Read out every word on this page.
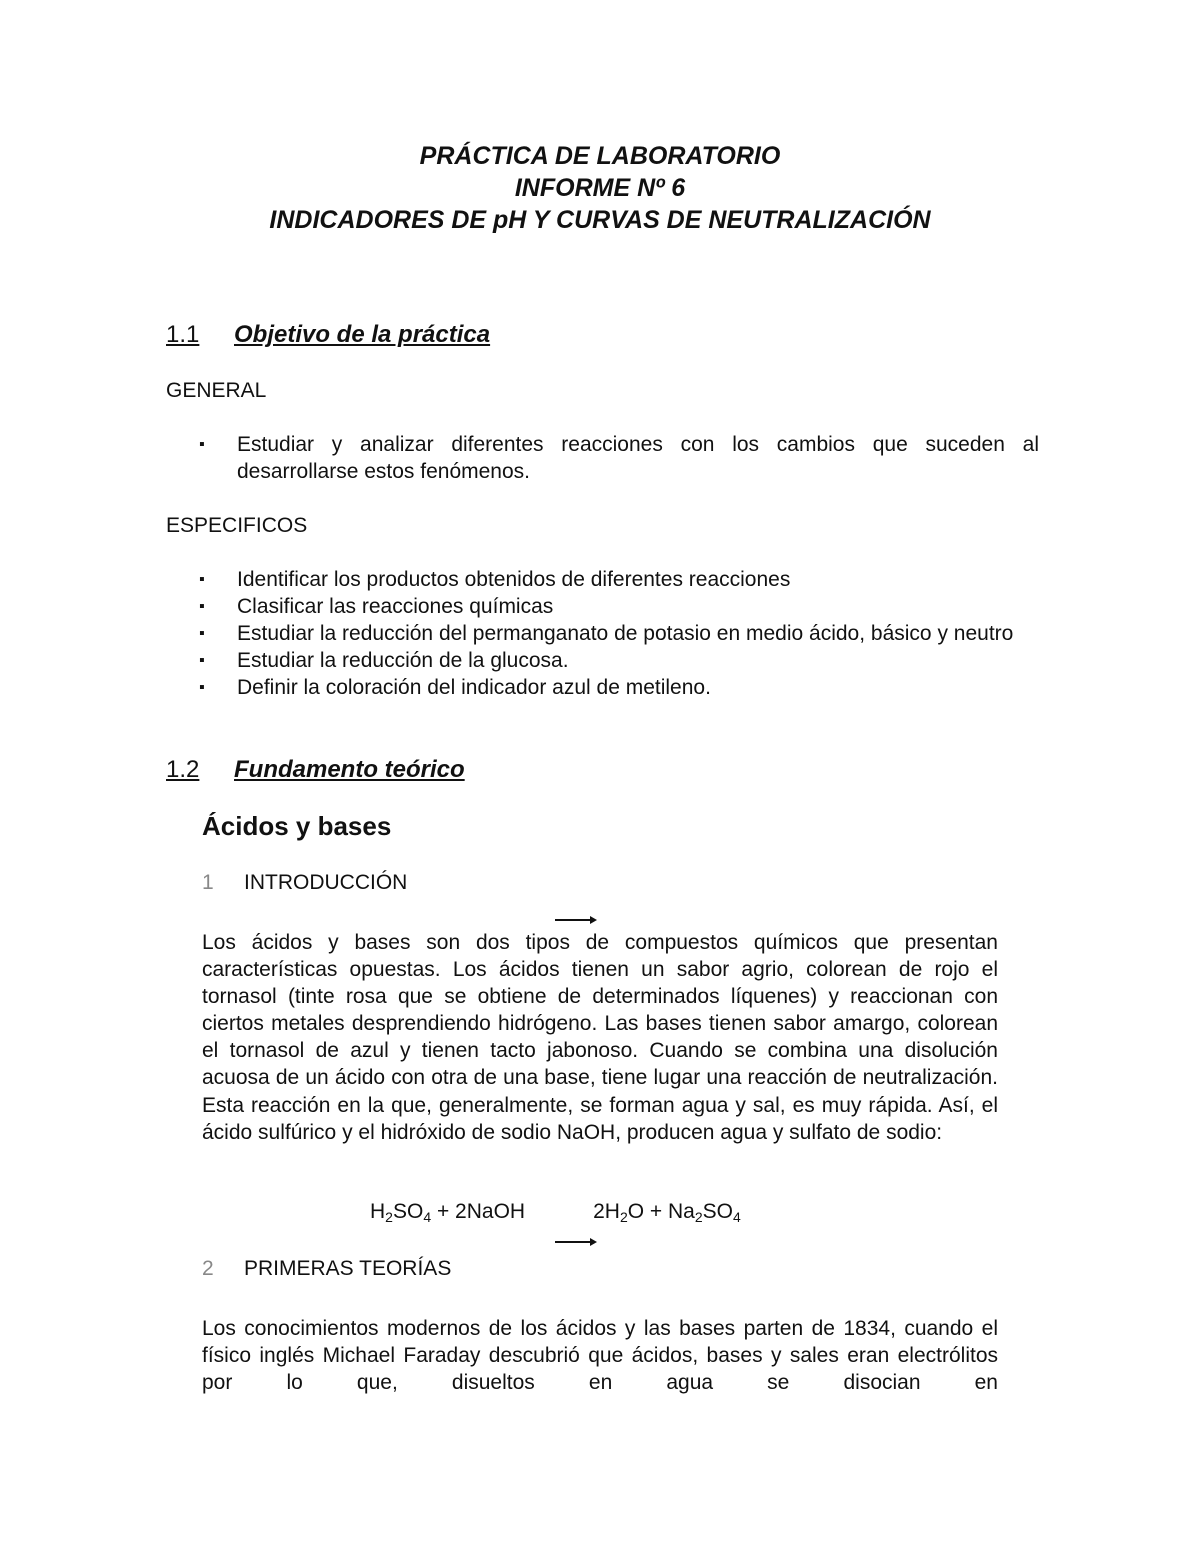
PRÁCTICA DE LABORATORIO
INFORME Nº 6
INDICADORES DE pH Y CURVAS DE NEUTRALIZACIÓN
1.1 Objetivo de la práctica
GENERAL
▪ Estudiar y analizar diferentes reacciones con los cambios que suceden al desarrollarse estos fenómenos.
ESPECIFICOS
▪ Identificar los productos obtenidos de diferentes reacciones
▪ Clasificar las reacciones químicas
▪ Estudiar la reducción del permanganato de potasio en medio ácido, básico y neutro
▪ Estudiar la reducción de la glucosa.
▪ Definir la coloración del indicador azul de metileno.
1.2 Fundamento teórico
Ácidos y bases
1 INTRODUCCIÓN

Los ácidos y bases son dos tipos de compuestos químicos que presentan características opuestas. Los ácidos tienen un sabor agrio, colorean de rojo el tornasol (tinte rosa que se obtiene de determinados líquenes) y reaccionan con ciertos metales desprendiendo hidrógeno. Las bases tienen sabor amargo, colorean el tornasol de azul y tienen tacto jabonoso. Cuando se combina una disolución acuosa de un ácido con otra de una base, tiene lugar una reacción de neutralización. Esta reacción en la que, generalmente, se forman agua y sal, es muy rápida. Así, el ácido sulfúrico y el hidróxido de sodio NaOH, producen agua y sulfato de sodio:

$H_2SO_4$ + 2NaOH	$2H_2O + Na_2SO_4$
2 PRIMERAS TEORÍAS

Los conocimientos modernos de los ácidos y las bases parten de 1834, cuando el físico inglés Michael Faraday descubrió que ácidos, bases y sales eran electrólitos por lo que, disueltos en agua se disocian en
